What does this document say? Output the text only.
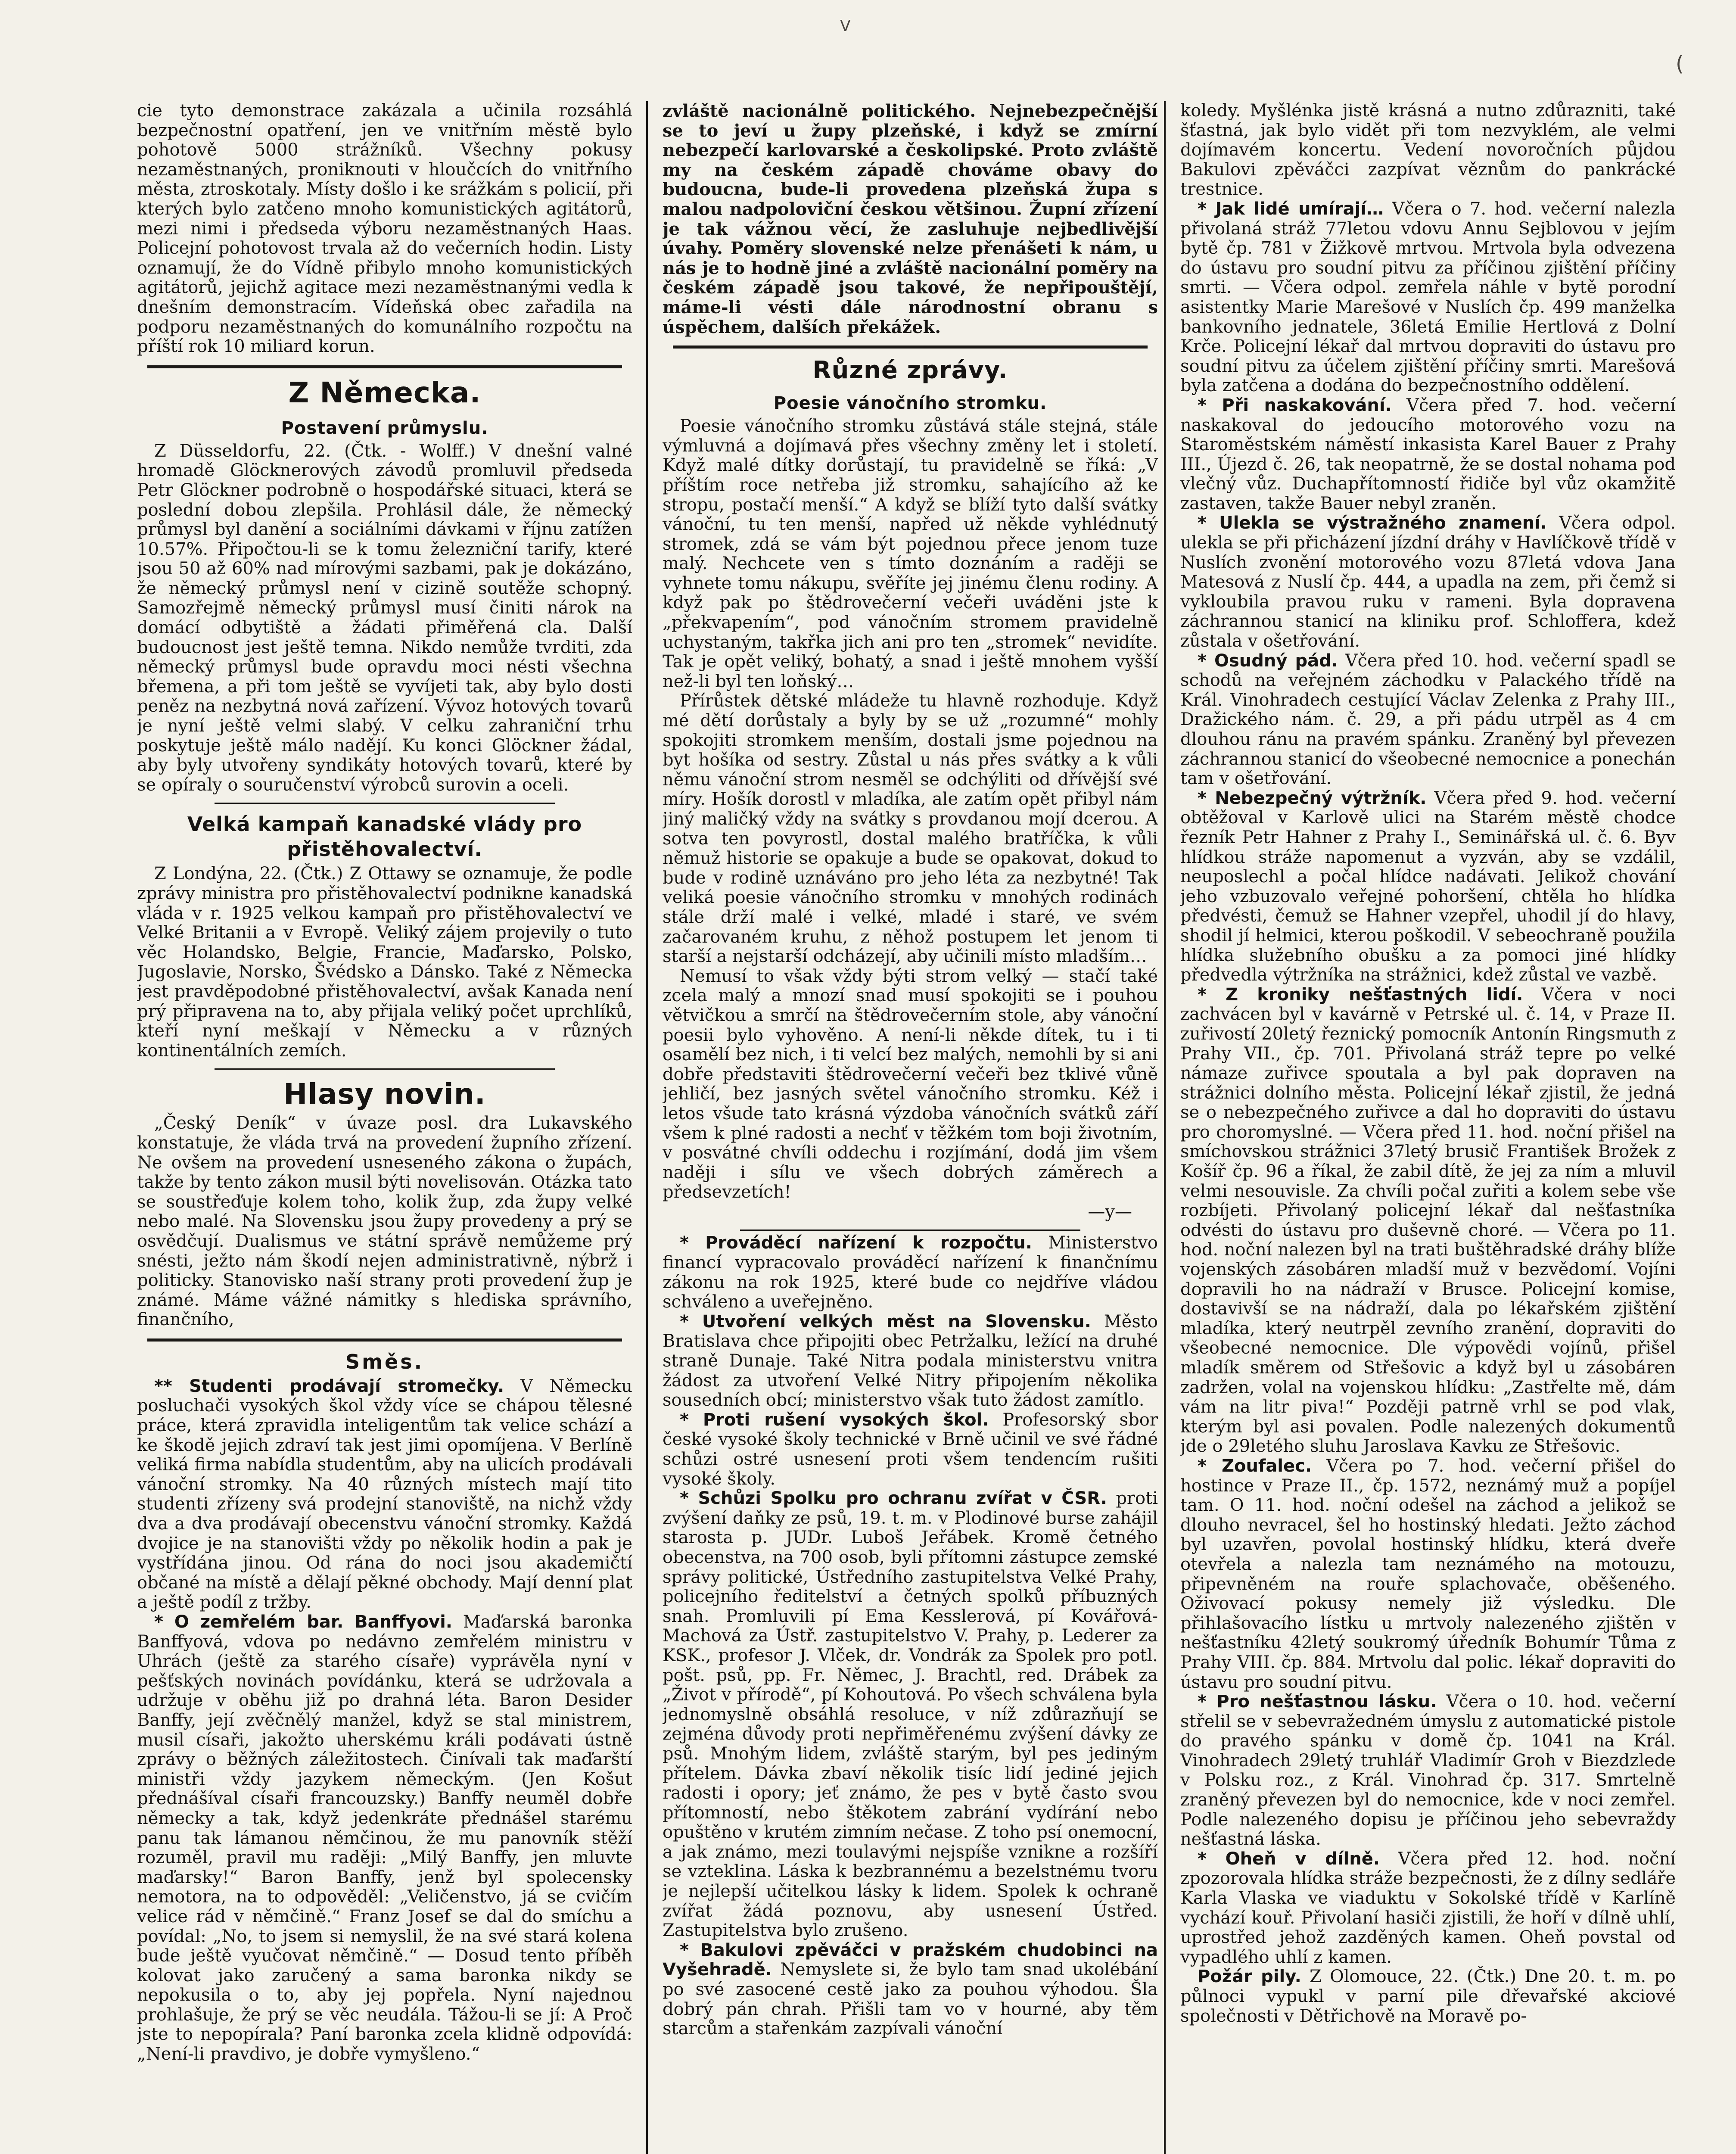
V
(

cie tyto demonstrace zakázala a učinila rozsáhlá bezpečnostní opatření, jen ve vnitřním městě bylo pohotově 5000 strážníků. Všechny pokusy nezaměstnaných, proniknouti v hloučcích do vnitřního města, ztroskotaly. Místy došlo i ke srážkám s policií, při kterých bylo zatčeno mnoho komunistických agitátorů, mezi nimi i předseda výboru nezaměstnaných Haas. Policejní pohotovost trvala až do večerních hodin. Listy oznamují, že do Vídně přibylo mnoho komunistických agitátorů, jejichž agitace mezi nezaměstnanými vedla k dnešním demonstracím. Vídeňská obec zařadila na podporu nezaměstnaných do komunálního rozpočtu na příští rok 10 miliard korun.

Z Německa.
Postavení průmyslu.

Z Düsseldorfu, 22. (Čtk. - Wolff.) V dnešní valné hromadě Glöcknerových závodů promluvil předseda Petr Glöckner podrobně o hospodářské situaci, která se poslední dobou zlepšila. Prohlásil dále, že německý průmysl byl danění a sociálními dávkami v říjnu zatížen 10.57%. Připočtou-li se k tomu železniční tarify, které jsou 50 až 60% nad mírovými sazbami, pak je dokázáno, že německý průmysl není v cizině soutěže schopný. Samozřejmě německý průmysl musí činiti nárok na domácí odbytiště a žádati přiměřená cla. Další budoucnost jest ještě temna. Nikdo nemůže tvrditi, zda německý průmysl bude opravdu moci nésti všechna břemena, a při tom ještě se vyvíjeti tak, aby bylo dosti peněz na nezbytná nová zařízení. Vývoz hotových tovarů je nyní ještě velmi slabý. V celku zahraniční trhu poskytuje ještě málo nadějí. Ku konci Glöckner žádal, aby byly utvořeny syndikáty hotových tovarů, které by se opíraly o souručenství výrobců surovin a oceli.

Velká kampaň kanadské vlády pro přistěhovalectví.

Z Londýna, 22. (Čtk.) Z Ottawy se oznamuje, že podle zprávy ministra pro přistěhovalectví podnikne kanadská vláda v r. 1925 velkou kampaň pro přistěhovalectví ve Velké Britanii a v Evropě. Veliký zájem projevily o tuto věc Holandsko, Belgie, Francie, Maďarsko, Polsko, Jugoslavie, Norsko, Švédsko a Dánsko. Také z Německa jest pravděpodobné přistěhovalectví, avšak Kanada není prý připravena na to, aby přijala veliký počet uprchlíků, kteří nyní meškají v Německu a v různých kontinentálních zemích.

Hlasy novin.

„Český Deník“ v úvaze posl. dra Lukavského konstatuje, že vláda trvá na provedení župního zřízení. Ne ovšem na provedení usneseného zákona o župách, takže by tento zákon musil býti novelisován. Otázka tato se soustřeďuje kolem toho, kolik žup, zda župy velké nebo malé. Na Slovensku jsou župy provedeny a prý se osvědčují. Dualismus ve státní správě nemůžeme prý snésti, ježto nám škodí nejen administrativně, nýbrž i politicky. Stanovisko naší strany proti provedení žup je známé. Máme vážné námitky s hlediska správního, finančního,

Směs.

** Studenti prodávají stromečky. V Německu posluchači vysokých škol vždy více se chápou tělesné práce, která zpravidla inteligentům tak velice schází a ke škodě jejich zdraví tak jest jimi opomíjena. V Berlíně veliká firma nabídla studentům, aby na ulicích prodávali vánoční stromky. Na 40 různých místech mají tito studenti zřízeny svá prodejní stanoviště, na nichž vždy dva a dva prodávají obecenstvu vánoční stromky. Každá dvojice je na stanovišti vždy po několik hodin a pak je vystřídána jinou. Od rána do noci jsou akademičtí občané na místě a dělají pěkné obchody. Mají denní plat a ještě podíl z tržby.

* O zemřelém bar. Banffyovi. Maďarská baronka Banffyová, vdova po nedávno zemřelém ministru v Uhrách (ještě za starého císaře) vyprávěla nyní v pešťských novinách povídánku, která se udržovala a udržuje v oběhu již po drahná léta. Baron Desider Banffy, její zvěčnělý manžel, když se stal ministrem, musil císaři, jakožto uherskému králi podávati ústně zprávy o běžných záležitostech. Činívali tak maďarští ministři vždy jazykem německým. (Jen Košut přednášíval císaři francouzsky.) Banffy neuměl dobře německy a tak, když jedenkráte přednášel starému panu tak lámanou němčinou, že mu panovník stěží rozuměl, pravil mu raději: „Milý Banffy, jen mluvte maďarsky!“ Baron Banffy, jenž byl spolecensky nemotora, na to odpověděl: „Veličenstvo, já se cvičím velice rád v němčině.“ Franz Josef se dal do smíchu a povídal: „No, to jsem si nemyslil, že na své stará kolena bude ještě vyučovat němčině.“ — Dosud tento příběh kolovat jako zaručený a sama baronka nikdy se nepokusila o to, aby jej popřela. Nyní najednou prohlašuje, že prý se věc neudála. Tážou-li se jí: A Proč jste to nepopírala? Paní baronka zcela klidně odpovídá: „Není-li pravdivo, je dobře vymyšleno.“

zvláště nacionálně politického. Nejnebezpečnější se to jeví u župy plzeňské, i když se zmírní nebezpečí karlovarské a českolipské. Proto zvláště my na českém západě chováme obavy do budoucna, bude-li provedena plzeňská župa s malou nadpoloviční českou většinou. Župní zřízení je tak vážnou věcí, že zasluhuje nejbedlivější úvahy. Poměry slovenské nelze přenášeti k nám, u nás je to hodně jiné a zvláště nacionální poměry na českém západě jsou takové, že nepřipouštějí, máme-li vésti dále národnostní obranu s úspěchem, dalších překážek.

Různé zprávy.
Poesie vánočního stromku.

Poesie vánočního stromku zůstává stále stejná, stále výmluvná a dojímavá přes všechny změny let i století. Když malé dítky dorůstají, tu pravidelně se říká: „V příštím roce netřeba již stromku, sahajícího až ke stropu, postačí menší.“ A když se blíží tyto další svátky vánoční, tu ten menší, napřed už někde vyhlédnutý stromek, zdá se vám být pojednou přece jenom tuze malý. Nechcete ven s tímto doznáním a raději se vyhnete tomu nákupu, svěříte jej jinému členu rodiny. A když pak po štědrovečerní večeři uváděni jste k „překvapením“, pod vánočním stromem pravidelně uchystaným, takřka jich ani pro ten „stromek“ nevidíte. Tak je opět veliký, bohatý, a snad i ještě mnohem vyšší než-li byl ten loňský…

Přírůstek dětské mládeže tu hlavně rozhoduje. Když mé dětí dorůstaly a byly by se už „rozumné“ mohly spokojiti stromkem menším, dostali jsme pojednou na byt hošíka od sestry. Zůstal u nás přes svátky a k vůli němu vánoční strom nesměl se odchýliti od dřívější své míry. Hošík dorostl v mladíka, ale zatím opět přibyl nám jiný maličký vždy na svátky s provdanou mojí dcerou. A sotva ten povyrostl, dostal malého bratříčka, k vůli němuž historie se opakuje a bude se opakovat, dokud to bude v rodině uznáváno pro jeho léta za nezbytné! Tak veliká poesie vánočního stromku v mnohých rodinách stále drží malé i velké, mladé i staré, ve svém začarovaném kruhu, z něhož postupem let jenom ti starší a nejstarší odcházejí, aby učinili místo mladším…

Nemusí to však vždy býti strom velký — stačí také zcela malý a mnozí snad musí spokojiti se i pouhou větvičkou a smrčí na štědrovečerním stole, aby vánoční poesii bylo vyhověno. A není-li někde dítek, tu i ti osamělí bez nich, i ti velcí bez malých, nemohli by si ani dobře představiti štědrovečerní večeři bez tklivé vůně jehličí, bez jasných světel vánočního stromku. Kéž i letos všude tato krásná výzdoba vánočních svátků září všem k plné radosti a nechť v těžkém tom boji životním, v posvátné chvíli oddechu i rozjímání, dodá jim všem naději i sílu ve všech dobrých záměrech a předsevzetích!

—y—

* Prováděcí nařízení k rozpočtu. Ministerstvo financí vypracovalo prováděcí nařízení k finančnímu zákonu na rok 1925, které bude co nejdříve vládou schváleno a uveřejněno.

* Utvoření velkých měst na Slovensku. Město Bratislava chce připojiti obec Petržalku, ležící na druhé straně Dunaje. Také Nitra podala ministerstvu vnitra žádost za utvoření Velké Nitry připojením několika sousedních obcí; ministerstvo však tuto žádost zamítlo.

* Proti rušení vysokých škol. Profesorský sbor české vysoké školy technické v Brně učinil ve své řádné schůzi ostré usnesení proti všem tendencím rušiti vysoké školy.

* Schůzi Spolku pro ochranu zvířat v ČSR. proti zvýšení daňky ze psů, 19. t. m. v Plodinové burse zahájil starosta p. JUDr. Luboš Jeřábek. Kromě četného obecenstva, na 700 osob, byli přítomni zástupce zemské správy politické, Ústředního zastupitelstva Velké Prahy, policejního ředitelství a četných spolků příbuzných snah. Promluvili pí Ema Kesslerová, pí Kovářová-Machová za Ústř. zastupitelstvo V. Prahy, p. Lederer za KSK., profesor J. Vlček, dr. Vondrák za Spolek pro potl. pošt. psů, pp. Fr. Němec, J. Brachtl, red. Drábek za „Život v přírodě“, pí Kohoutová. Po všech schválena byla jednomyslně obsáhlá resoluce, v níž zdůrazňují se zejména důvody proti nepřiměřenému zvýšení dávky ze psů. Mnohým lidem, zvláště starým, byl pes jediným přítelem. Dávka zbaví několik tisíc lidí jediné jejich radosti i opory; jeť známo, že pes v bytě často svou přítomností, nebo štěkotem zabrání vydírání nebo opuštěno v krutém zimním nečase. Z toho psí onemocní, a jak známo, mezi toulavými nejspíše vznikne a rozšíří se vzteklina. Láska k bezbrannému a bezelstnému tvoru je nejlepší učitelkou lásky k lidem. Spolek k ochraně zvířat žádá poznovu, aby usnesení Ústřed. Zastupitelstva bylo zrušeno.

* Bakulovi zpěváčci v pražském chudobinci na Vyšehradě. Nemyslete si, že bylo tam snad ukolébání po své zasocené cestě jako za pouhou výhodou. Šla dobrý pán chrah. Přišli tam vo v hourné, aby těm starcům a stařenkám zazpívali vánoční

koledy. Myšlénka jistě krásná a nutno zdůrazniti, také šťastná, jak bylo vidět při tom nezvyklém, ale velmi dojímavém koncertu. Vedení novoročních půjdou Bakulovi zpěváčci zazpívat věznům do pankrácké trestnice.

* Jak lidé umírají… Včera o 7. hod. večerní nalezla přivolaná stráž 77letou vdovu Annu Sejblovou v jejím bytě čp. 781 v Žižkově mrtvou. Mrtvola byla odvezena do ústavu pro soudní pitvu za příčinou zjištění příčiny smrti. — Včera odpol. zemřela náhle v bytě porodní asistentky Marie Marešové v Nuslích čp. 499 manželka bankovního jednatele, 36letá Emilie Hertlová z Dolní Krče. Policejní lékař dal mrtvou dopraviti do ústavu pro soudní pitvu za účelem zjištění příčiny smrti. Marešová byla zatčena a dodána do bezpečnostního oddělení.

* Při naskakování. Včera před 7. hod. večerní naskakoval do jedoucího motorového vozu na Staroměstském náměstí inkasista Karel Bauer z Prahy III., Újezd č. 26, tak neopatrně, že se dostal nohama pod vlečný vůz. Duchapřítomností řidiče byl vůz okamžitě zastaven, takže Bauer nebyl zraněn.

* Ulekla se výstražného znamení. Včera odpol. ulekla se při přicházení jízdní dráhy v Havlíčkově třídě v Nuslích zvonění motorového vozu 87letá vdova Jana Matesová z Nuslí čp. 444, a upadla na zem, při čemž si vykloubila pravou ruku v rameni. Byla dopravena záchrannou stanicí na kliniku prof. Schloffera, kdež zůstala v ošetřování.

* Osudný pád. Včera před 10. hod. večerní spadl se schodů na veřejném záchodku v Palackého třídě na Král. Vinohradech cestující Václav Zelenka z Prahy III., Dražického nám. č. 29, a při pádu utrpěl as 4 cm dlouhou ránu na pravém spánku. Zraněný byl převezen záchrannou stanicí do všeobecné nemocnice a ponechán tam v ošetřování.

* Nebezpečný výtržník. Včera před 9. hod. večerní obtěžoval v Karlově ulici na Starém městě chodce řezník Petr Hahner z Prahy I., Seminářská ul. č. 6. Byv hlídkou stráže napomenut a vyzván, aby se vzdálil, neuposlechl a počal hlídce nadávati. Jelikož chování jeho vzbuzovalo veřejné pohoršení, chtěla ho hlídka předvésti, čemuž se Hahner vzepřel, uhodil jí do hlavy, shodil jí helmici, kterou poškodil. V sebeochraně použila hlídka služebního obušku a za pomoci jiné hlídky předvedla výtržníka na strážnici, kdež zůstal ve vazbě.

* Z kroniky nešťastných lidí. Včera v noci zachvácen byl v kavárně v Petrské ul. č. 14, v Praze II. zuřivostí 20letý řeznický pomocník Antonín Ringsmuth z Prahy VII., čp. 701. Přivolaná stráž tepre po velké námaze zuřivce spoutala a byl pak dopraven na strážnici dolního města. Policejní lékař zjistil, že jedná se o nebezpečného zuřivce a dal ho dopraviti do ústavu pro choromyslné. — Včera před 11. hod. noční přišel na smíchovskou strážnici 37letý brusič František Brožek z Košíř čp. 96 a říkal, že zabil dítě, že jej za ním a mluvil velmi nesouvisle. Za chvíli počal zuřiti a kolem sebe vše rozbíjeti. Přivolaný policejní lékař dal nešťastníka odvésti do ústavu pro duševně choré. — Včera po 11. hod. noční nalezen byl na trati buštěhradské dráhy blíže vojenských zásobáren mladší muž v bezvědomí. Vojíni dopravili ho na nádraží v Brusce. Policejní komise, dostavivší se na nádraží, dala po lékařském zjištění mladíka, který neutrpěl zevního zranění, dopraviti do všeobecné nemocnice. Dle výpovědi vojínů, přišel mladík směrem od Střešovic a když byl u zásobáren zadržen, volal na vojenskou hlídku: „Zastřelte mě, dám vám na litr piva!“ Později patrně vrhl se pod vlak, kterým byl asi povalen. Podle nalezených dokumentů jde o 29letého sluhu Jaroslava Kavku ze Střešovic.

* Zoufalec. Včera po 7. hod. večerní přišel do hostince v Praze II., čp. 1572, neznámý muž a popíjel tam. O 11. hod. noční odešel na záchod a jelikož se dlouho nevracel, šel ho hostinský hledati. Ježto záchod byl uzavřen, povolal hostinský hlídku, která dveře otevřela a nalezla tam neznámého na motouzu, připevněném na rouře splachovače, oběšeného. Oživovací pokusy nemely již výsledku. Dle přihlašovacího lístku u mrtvoly nalezeného zjištěn v nešťastníku 42letý soukromý úředník Bohumír Tůma z Prahy VIII. čp. 884. Mrtvolu dal polic. lékař dopraviti do ústavu pro soudní pitvu.

* Pro nešťastnou lásku. Včera o 10. hod. večerní střelil se v sebevražedném úmyslu z automatické pistole do pravého spánku v domě čp. 1041 na Král. Vinohradech 29letý truhlář Vladimír Groh v Biezdzlede v Polsku roz., z Král. Vinohrad čp. 317. Smrtelně zraněný převezen byl do nemocnice, kde v noci zemřel. Podle nalezeného dopisu je příčinou jeho sebevraždy nešťastná láska.

* Oheň v dílně. Včera před 12. hod. noční zpozorovala hlídka stráže bezpečnosti, že z dílny sedláře Karla Vlaska ve viaduktu v Sokolské třídě v Karlíně vychází kouř. Přivolaní hasiči zjistili, že hoří v dílně uhlí, uprostřed jehož zazděných kamen. Oheň povstal od vypadlého uhlí z kamen.

Požár pily. Z Olomouce, 22. (Čtk.) Dne 20. t. m. po půlnoci vypukl v parní pile dřevařské akciové společnosti v Dětřichově na Moravě po-
